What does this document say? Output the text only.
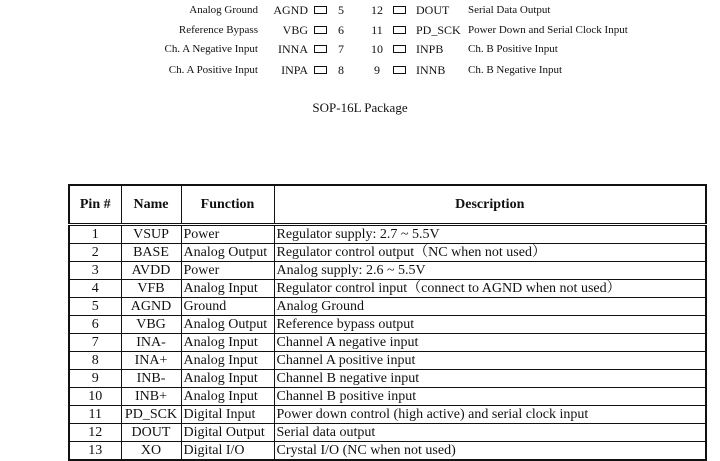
Analog Ground AGND	5	12	DOUT Serial Data Output
Reference Bypass VBG	6	11	PD_SCK Power Down and Serial Clock Input
Ch. A Negative Input INNA	7	10	INPB Ch. B Positive Input
Ch. A Positive Input INPA	8	9	INNB Ch. B Negative Input
SOP-16L Package
Pin #	Name	Function	Description
1	VSUP	Power	Regulator supply: 2.7 ~ 5.5V
2	BASE	Analog Output	Regulator control output（NC when not used）
3	AVDD	Power	Analog supply: 2.6 ~ 5.5V
4	VFB	Analog Input	Regulator control input（connect to AGND when not used）
5	AGND	Ground	Analog Ground
6	VBG	Analog Output	Reference bypass output
7	INA-	Analog Input	Channel A negative input
8	INA+	Analog Input	Channel A positive input
9	INB-	Analog Input	Channel B negative input
10	INB+	Analog Input	Channel B positive input
11	PD_SCK	Digital Input	Power down control (high active) and serial clock input
12	DOUT	Digital Output	Serial data output
13	XO	Digital I/O	Crystal I/O (NC when not used)
